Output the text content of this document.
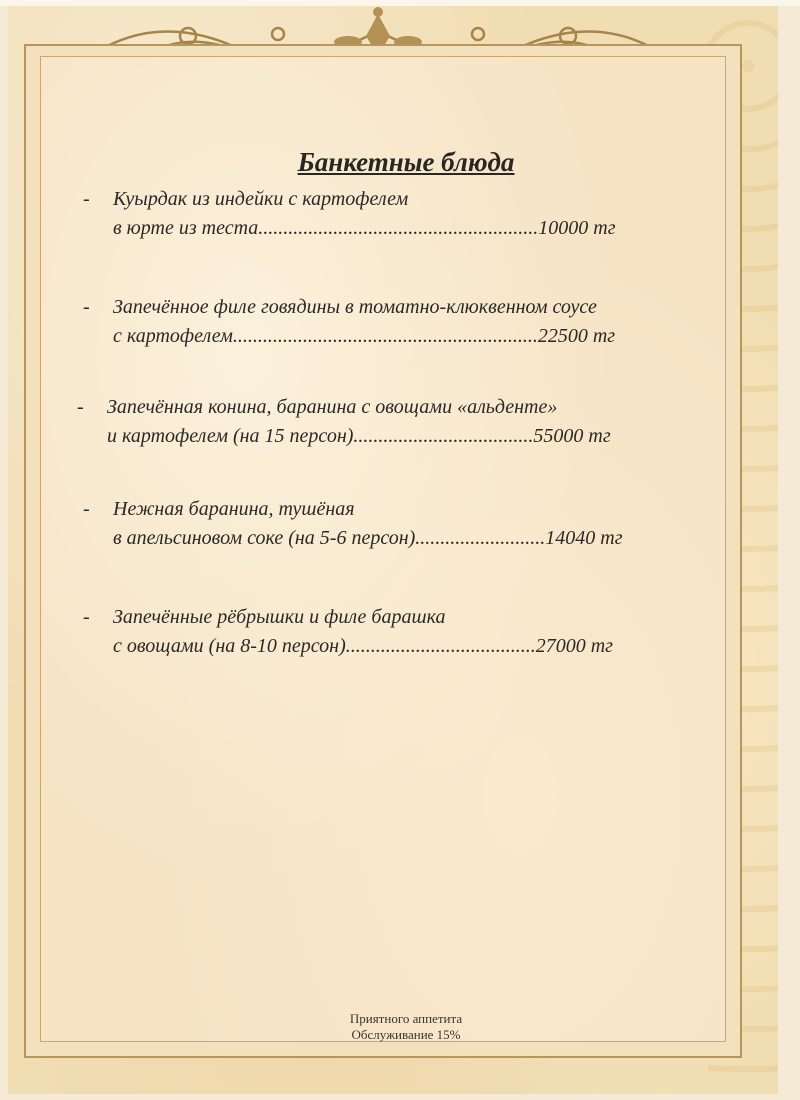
Банкетные блюда
- Куырдак из индейки с картофелем
в юрте из теста........................................................10000 тг
- Запечённое филе говядины в томатно-клюквенном соусе
с картофелем.............................................................22500 тг
- Запечённая конина, баранина с овощами «альденте»
и картофелем (на 15 персон)....................................55000 тг
- Нежная баранина, тушёная
в апельсиновом соке (на 5-6 персон)..........................14040 тг
- Запечённые рёбрышки и филе барашка
с овощами (на 8-10 персон)......................................27000 тг
Приятного аппетита
Обслуживание 15%
